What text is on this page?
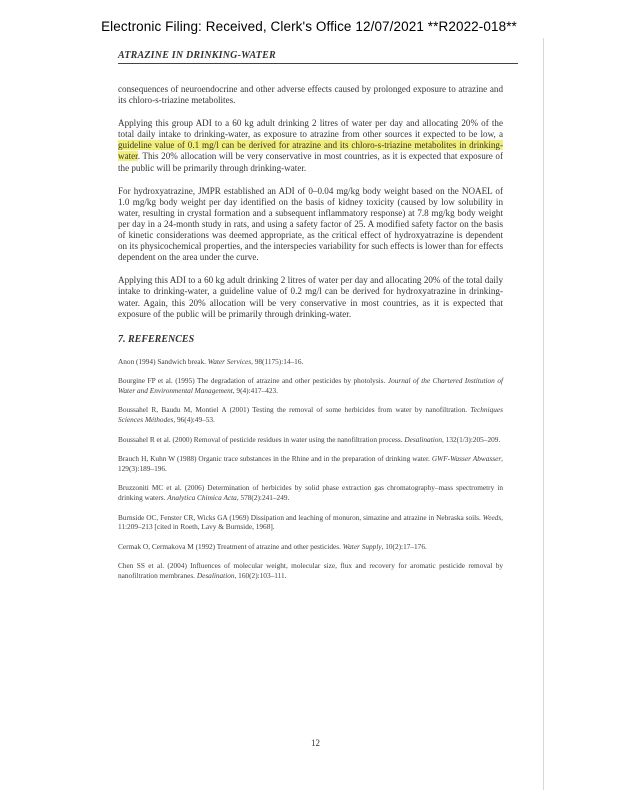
Electronic Filing: Received, Clerk's Office 12/07/2021 **R2022-018**
ATRAZINE IN DRINKING-WATER

consequences of neuroendocrine and other adverse effects caused by prolonged exposure to atrazine and its chloro-s-triazine metabolites.

Applying this group ADI to a 60 kg adult drinking 2 litres of water per day and allocating 20% of the total daily intake to drinking-water, as exposure to atrazine from other sources it expected to be low, a guideline value of 0.1 mg/l can be derived for atrazine and its chloro-s-triazine metabolites in drinking-water. This 20% allocation will be very conservative in most countries, as it is expected that exposure of the public will be primarily through drinking-water.

For hydroxyatrazine, JMPR established an ADI of 0–0.04 mg/kg body weight based on the NOAEL of 1.0 mg/kg body weight per day identified on the basis of kidney toxicity (caused by low solubility in water, resulting in crystal formation and a subsequent inflammatory response) at 7.8 mg/kg body weight per day in a 24-month study in rats, and using a safety factor of 25. A modified safety factor on the basis of kinetic considerations was deemed appropriate, as the critical effect of hydroxyatrazine is dependent on its physicochemical properties, and the interspecies variability for such effects is lower than for effects dependent on the area under the curve.

Applying this ADI to a 60 kg adult drinking 2 litres of water per day and allocating 20% of the total daily intake to drinking-water, a guideline value of 0.2 mg/l can be derived for hydroxyatrazine in drinking-water. Again, this 20% allocation will be very conservative in most countries, as it is expected that exposure of the public will be primarily through drinking-water.

7. REFERENCES
Anon (1994) Sandwich break. Water Services, 98(1175):14–16.
Bourgine FP et al. (1995) The degradation of atrazine and other pesticides by photolysis. Journal of the Chartered Institution of Water and Environmental Management, 9(4):417–423.
Boussahel R, Baudu M, Montiel A (2001) Testing the removal of some herbicides from water by nanofiltration. Techniques Sciences Méthodes, 96(4):49–53.
Boussahel R et al. (2000) Removal of pesticide residues in water using the nanofiltration process. Desalination, 132(1/3):205–209.
Brauch H, Kuhn W (1988) Organic trace substances in the Rhine and in the preparation of drinking water. GWF-Wasser Abwasser, 129(3):189–196.
Bruzzoniti MC et al. (2006) Determination of herbicides by solid phase extraction gas chromatography–mass spectrometry in drinking waters. Analytica Chimica Acta, 578(2):241–249.
Burnside OC, Fenster CR, Wicks GA (1969) Dissipation and leaching of monuron, simazine and atrazine in Nebraska soils. Weeds, 11:209–213 [cited in Roeth, Lavy & Burnside, 1968].
Cermak O, Cermakova M (1992) Treatment of atrazine and other pesticides. Water Supply, 10(2):17–176.
Chen SS et al. (2004) Influences of molecular weight, molecular size, flux and recovery for aromatic pesticide removal by nanofiltration membranes. Desalination, 160(2):103–111.
12
